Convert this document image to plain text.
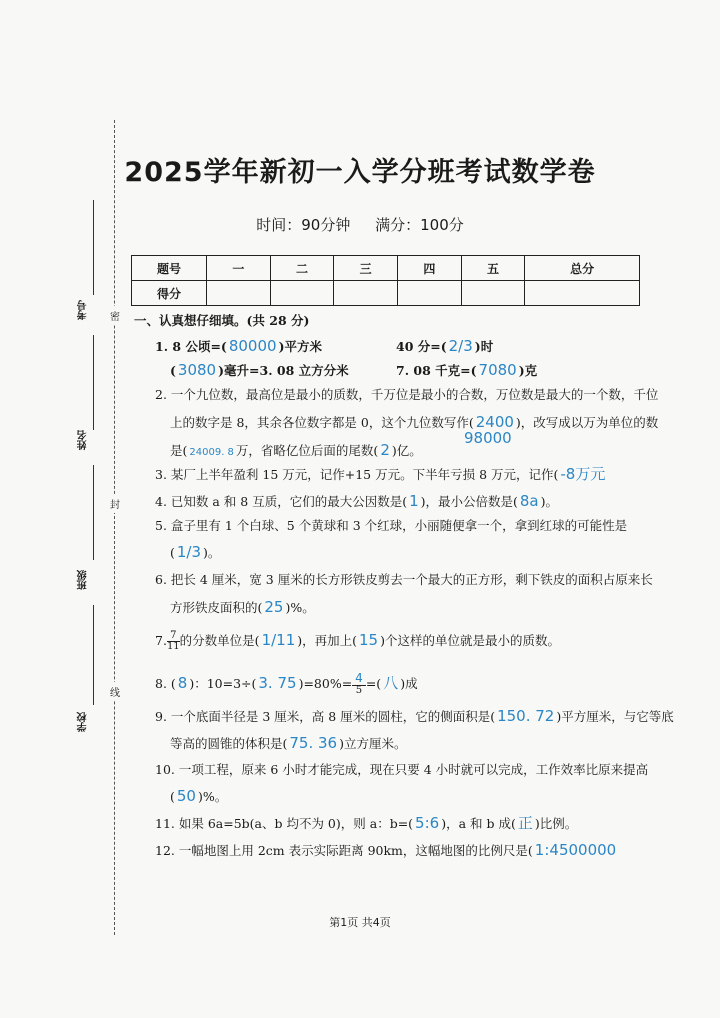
考号
姓名
班级
学校
密
封
线
2025学年新初一入学分班考试数学卷
时间：90分钟 满分：100分
题号	一	二	三	四	五	总分
得分						
一、认真想仔细填。(共 28 分)
1. 8 公顷=( 80000 )平方米	40 分=( 2/3 )时
( 3080 )毫升=3. 08 立方分米	7. 08 千克=( 7080 )克
2. 一个九位数，最高位是最小的质数，千万位是最小的合数，万位数是最大的一个数，千位
上的数字是 8，其余各位数字都是 0，这个九位数写作( 2400 )，改写成以万为单位的数
98000
是( 24009. 8 万，省略亿位后面的尾数( 2 )亿。
3. 某厂上半年盈利 15 万元，记作+15 万元。下半年亏损 8 万元，记作( -8万元
4. 已知数 a 和 8 互质，它们的最大公因数是( 1 )，最小公倍数是( 8a )。
5. 盒子里有 1 个白球、5 个黄球和 3 个红球，小丽随便拿一个，拿到红球的可能性是
( 1/3 )。
6. 把长 4 厘米，宽 3 厘米的长方形铁皮剪去一个最大的正方形，剩下铁皮的面积占原来长
方形铁皮面积的( 25 )%。
7. $\frac{7}{11}$ 的分数单位是( 1/11 )，再加上( 15 )个这样的单位就是最小的质数。
8. ( 8 )：10=3÷( 3. 75 )$=80\%= \frac{4}{5}$ =( 八 )成
9. 一个底面半径是 3 厘米，高 8 厘米的圆柱，它的侧面积是( 150. 72 )平方厘米，与它等底
等高的圆锥的体积是( 75. 36 )立方厘米。
10. 一项工程，原来 6 小时才能完成，现在只要 4 小时就可以完成，工作效率比原来提高
( 50 )%。
11. 如果 6a=5b(a、b 均不为 0)，则 a：b=( 5:6 )，a 和 b 成( 正 )比例。
12. 一幅地图上用 2cm 表示实际距离 90km，这幅地图的比例尺是( 1:4500000
第1页 共4页
